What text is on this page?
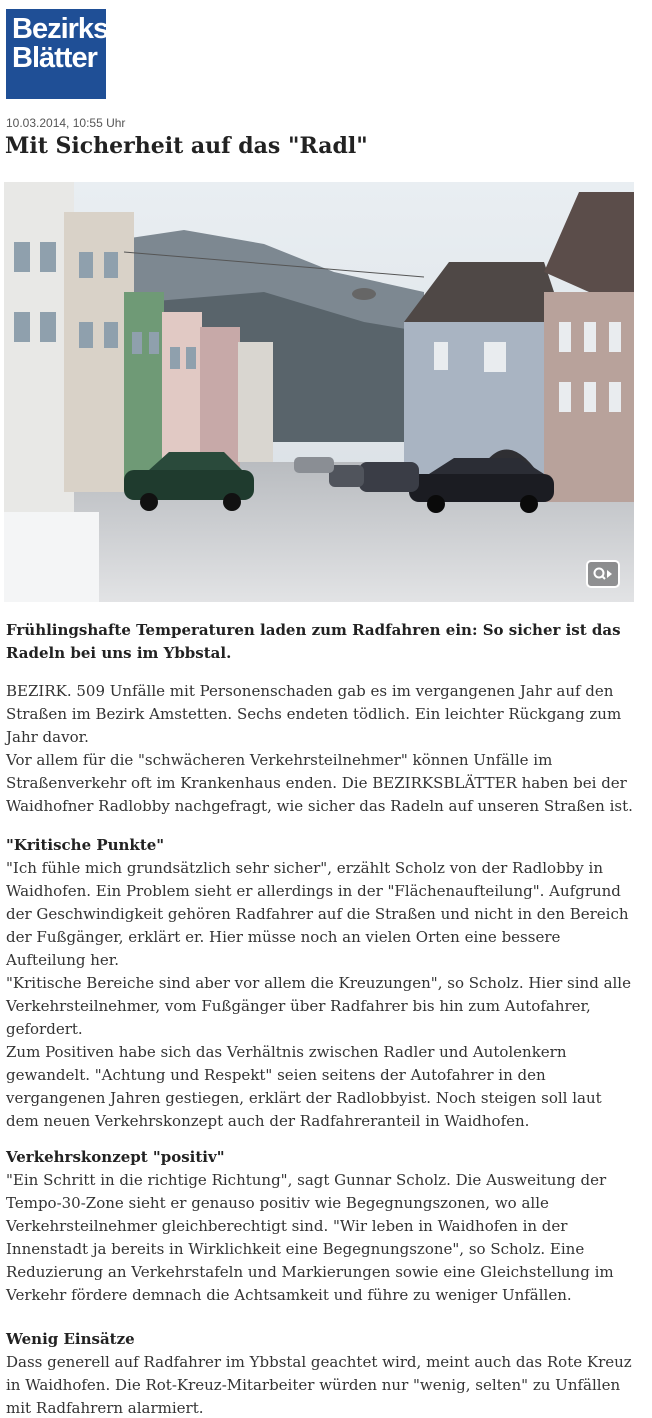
Bezirks
Blätter
10.03.2014, 10:55 Uhr
Mit Sicherheit auf das "Radl"

Frühlingshafte Temperaturen laden zum Radfahren ein: So sicher ist das Radeln bei uns im Ybbstal.

BEZIRK. 509 Unfälle mit Personenschaden gab es im vergangenen Jahr auf den Straßen im Bezirk Amstetten. Sechs endeten tödlich. Ein leichter Rückgang zum Jahr davor.

Vor allem für die "schwächeren Verkehrsteilnehmer" können Unfälle im Straßenverkehr oft im Krankenhaus enden. Die BEZIRKSBLÄTTER haben bei der Waidhofner Radlobby nachgefragt, wie sicher das Radeln auf unseren Straßen ist.

"Kritische Punkte"

"Ich fühle mich grundsätzlich sehr sicher", erzählt Scholz von der Radlobby in Waidhofen. Ein Problem sieht er allerdings in der "Flächenaufteilung". Aufgrund der Geschwindigkeit gehören Radfahrer auf die Straßen und nicht in den Bereich der Fußgänger, erklärt er. Hier müsse noch an vielen Orten eine bessere Aufteilung her.

"Kritische Bereiche sind aber vor allem die Kreuzungen", so Scholz. Hier sind alle Verkehrsteilnehmer, vom Fußgänger über Radfahrer bis hin zum Autofahrer, gefordert.

Zum Positiven habe sich das Verhältnis zwischen Radler und Autolenkern gewandelt. "Achtung und Respekt" seien seitens der Autofahrer in den vergangenen Jahren gestiegen, erklärt der Radlobbyist. Noch steigen soll laut dem neuen Verkehrskonzept auch der Radfahreranteil in Waidhofen.

Verkehrskonzept "positiv"

"Ein Schritt in die richtige Richtung", sagt Gunnar Scholz. Die Ausweitung der Tempo-30-Zone sieht er genauso positiv wie Begegnungszonen, wo alle Verkehrsteilnehmer gleichberechtigt sind. "Wir leben in Waidhofen in der Innenstadt ja bereits in Wirklichkeit eine Begegnungszone", so Scholz. Eine Reduzierung an Verkehrstafeln und Markierungen sowie eine Gleichstellung im Verkehr fördere demnach die Achtsamkeit und führe zu weniger Unfällen.

Wenig Einsätze

Dass generell auf Radfahrer im Ybbstal geachtet wird, meint auch das Rote Kreuz in Waidhofen. Die Rot-Kreuz-Mitarbeiter würden nur "wenig, selten" zu Unfällen mit Radfahrern alarmiert.
